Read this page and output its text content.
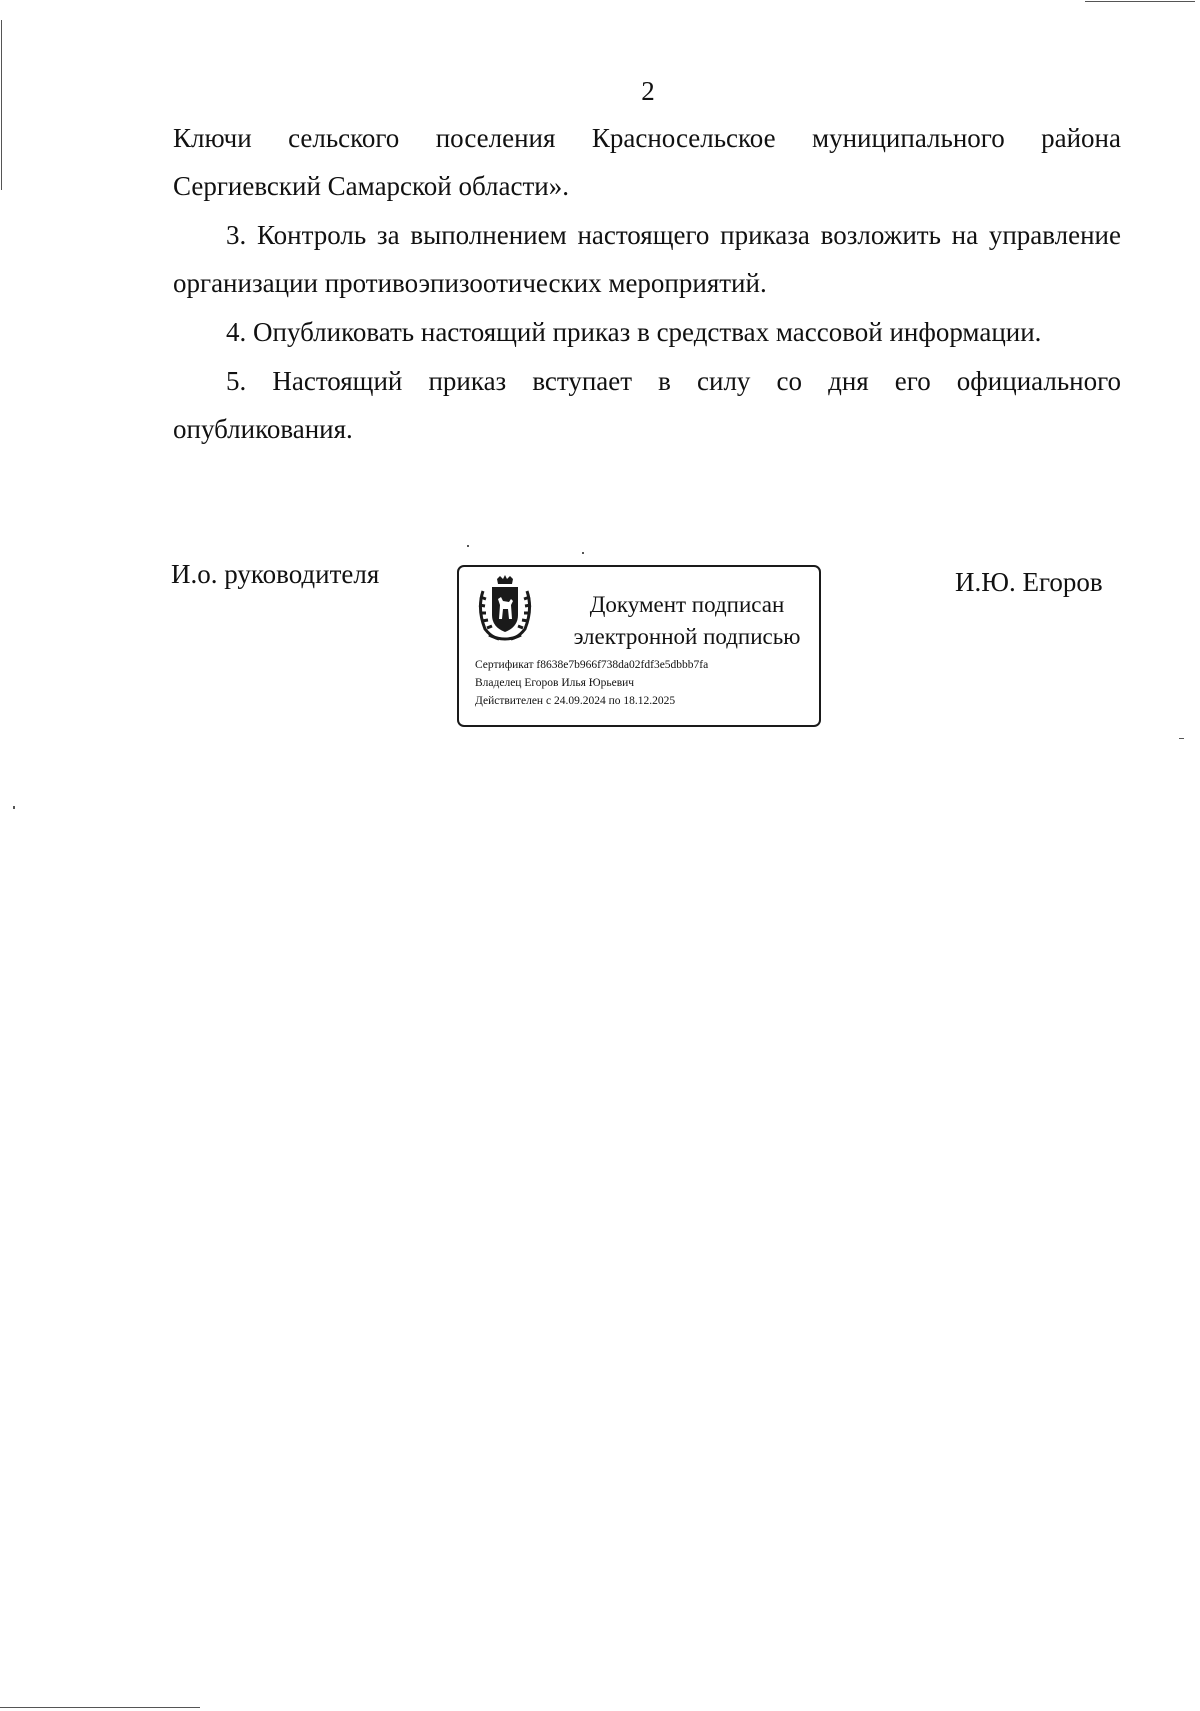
2

Ключи сельского поселения Красносельское муниципального района Сергиевский Самарской области».

3. Контроль за выполнением настоящего приказа возложить на управление организации противоэпизоотических мероприятий.

4. Опубликовать настоящий приказ в средствах массовой информации.

5. Настоящий приказ вступает в силу со дня его официального опубликования.

И.о. руководителя
Документ подписан
электронной подписью
Сертификат f8638e7b966f738da02fdf3e5dbbb7fa
Владелец Егоров Илья Юрьевич
Действителен с 24.09.2024 по 18.12.2025
И.Ю. Егоров
